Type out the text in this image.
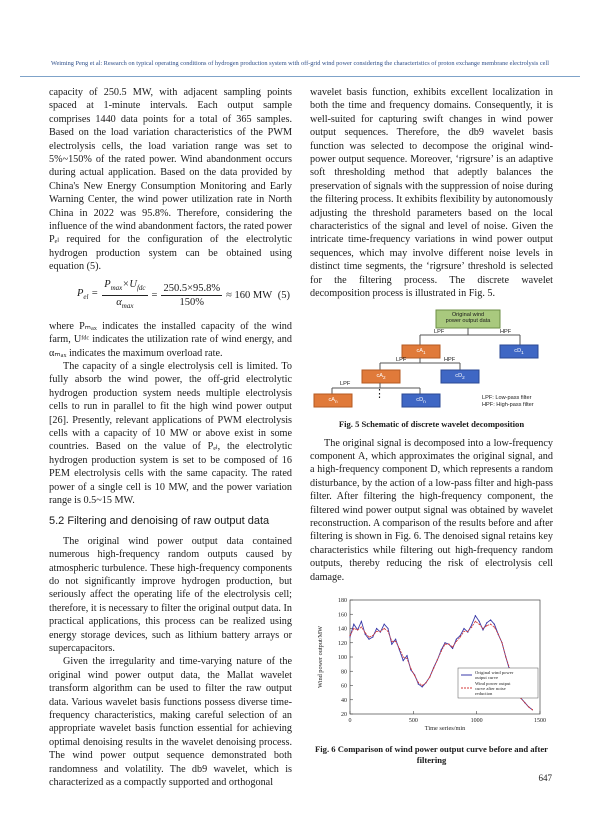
Weiming Peng et al: Research on typical operating conditions of hydrogen production system with off-grid wind power considering the characteristics of proton exchange membrane electrolysis cell

capacity of 250.5 MW, with adjacent sampling points spaced at 1-minute intervals. Each output sample comprises 1440 data points for a total of 365 samples. Based on the load variation characteristics of the PWM electrolysis cells, the load variation range was set to 5%~150% of the rated power. Wind abandonment occurs during actual application. Based on the data provided by China's New Energy Consumption Monitoring and Early Warning Center, the wind power utilization rate in North China in 2022 was 95.8%. Therefore, considering the influence of the wind abandonment factors, the rated power Pₑₗ required for the configuration of the electrolytic hydrogen production system can be obtained using equation (5).

$P_{el} = \frac{P_{max}\times U_{fdc}}{\alpha_{max}} = \frac{250.5\times 95.8\%}{150\%} \approx 160$ MW (5)

where Pₘₐₓ indicates the installed capacity of the wind farm, Uᶠᵈᶜ indicates the utilization rate of wind energy, and αₘₐₓ indicates the maximum overload rate.

The capacity of a single electrolysis cell is limited. To fully absorb the wind power, the off-grid electrolytic hydrogen production system needs multiple electrolysis cells to run in parallel to fit the high wind power output [26]. Presently, relevant applications of PWM electrolysis cells with a capacity of 10 MW or above exist in some countries. Based on the value of Pₑₗ, the electrolytic hydrogen production system is set to be composed of 16 PEM electrolysis cells with the same capacity. The rated power of a single cell is 10 MW, and the power variation range is 0.5~15 MW.

5.2 Filtering and denoising of raw output data

The original wind power output data contained numerous high-frequency random outputs caused by atmospheric turbulence. These high-frequency components do not significantly improve hydrogen production, but seriously affect the operating life of the electrolysis cell; therefore, it is necessary to filter the original output data. In practical applications, this process can be realized using energy storage devices, such as lithium battery arrays or supercapacitors.

Given the irregularity and time-varying nature of the original wind power output data, the Mallat wavelet transform algorithm can be used to filter the raw output data. Various wavelet basis functions possess diverse time-frequency characteristics, making careful selection of an appropriate wavelet basis function essential for achieving optimal denoising results in the wavelet denoising process. The wind power output sequence demonstrated both randomness and volatility. The db9 wavelet, which is characterized as a compactly supported and orthogonal

wavelet basis function, exhibits excellent localization in both the time and frequency domains. Consequently, it is well-suited for capturing swift changes in wind power output sequences. Therefore, the db9 wavelet basis function was selected to decompose the original wind-power output sequence. Moreover, ‘rigrsure’ is an adaptive soft thresholding method that adeptly balances the preservation of signals with the suppression of noise during the filtering process. It exhibits flexibility by autonomously adjusting the threshold parameters based on the local characteristics of the signal and level of noise. Given the intricate time-frequency variations in wind power output sequences, which may involve different noise levels in distinct time segments, the ‘rigrsure’ threshold is selected for the filtering process. The discrete wavelet decomposition process is illustrated in Fig. 5.

Original wind
power output data
LPF	HPF
$cA_1$	$cD_1$
LPF	HPF
$cA_2$	$cD_2$
LPF
$cA_n$	$cD_n$
⋮	LPF: Low-pass filter
HPF: High-pass filter
Fig. 5 Schematic of discrete wavelet decomposition

The original signal is decomposed into a low-frequency component A, which approximates the original signal, and a high-frequency component D, which represents a random disturbance, by the action of a low-pass filter and high-pass filter. After filtering the high-frequency component, the filtered wind power output signal was obtained by wavelet reconstruction. A comparison of the results before and after filtering is shown in Fig. 6. The denoised signal retains key characteristics while filtering out high-frequency random outputs, thereby reducing the risk of electrolysis cell damage.

20
40
60
80
100
120
140
160
180
0	500	1000	1500
Time series/min
Wind power output/MW	Original wind power
output curve
Wind power output
curve after noise
reduction
Fig. 6 Comparison of wind power output curve before and after filtering
647
